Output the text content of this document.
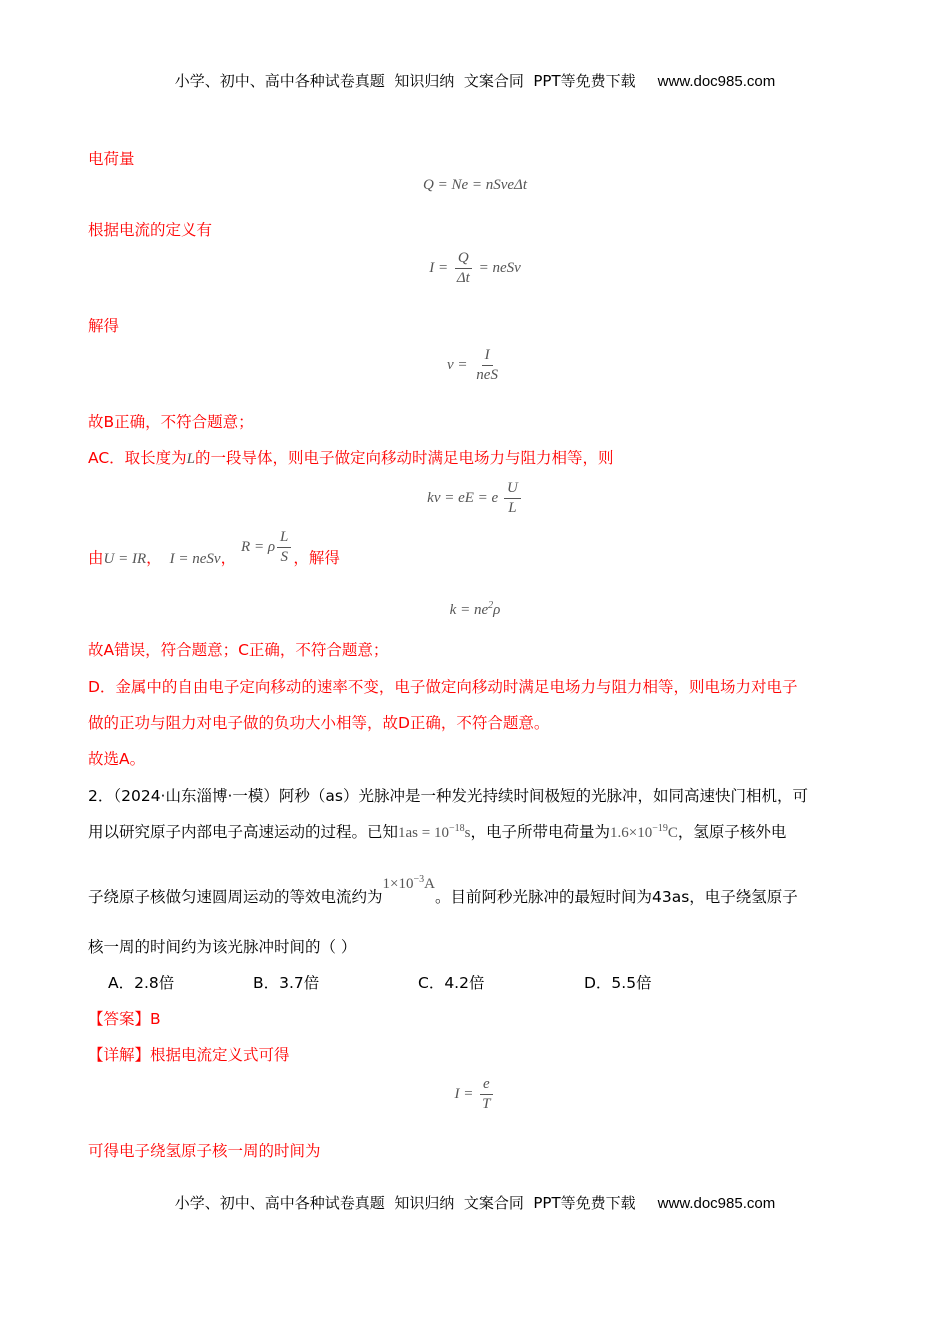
小学、初中、高中各种试卷真题  知识归纳  文案合同  PPT等免费下载 www.doc985.com
电荷量
Q = Ne = nSveΔt
根据电流的定义有
$I = \frac{Q}{\Delta t}$ = neSv
解得
$v = \frac{I}{\text{neS}}$
故B正确，不符合题意；
AC．取长度为L的一段导体，则电子做定向移动时满足电场力与阻力相等，则
kv = eE = e $\frac{U}{L}$
由U = IR， I = neSv， R = ρ $\frac{L}{S}$ ，解得
$k = ne^2\rho$
故A错误，符合题意；C正确，不符合题意；
D．金属中的自由电子定向移动的速率不变，电子做定向移动时满足电场力与阻力相等，则电场力对电子
做的正功与阻力对电子做的负功大小相等，故D正确，不符合题意。
故选A。
2．（2024·山东淄博·一模）阿秒（as）光脉冲是一种发光持续时间极短的光脉冲，如同高速快门相机，可
用以研究原子内部电子高速运动的过程。已知$1as = 10^{-18}s$，电子所带电荷量为$1.6\times 10^{-19}C$，氢原子核外电
子绕原子核做匀速圆周运动的等效电流约为$1\times 10^{-3}A$。目前阿秒光脉冲的最短时间为43as，电子绕氢原子
核一周的时间约为该光脉冲时间的（ ）
A．2.8倍	B．3.7倍	C．4.2倍	D．5.5倍
【答案】B
【详解】根据电流定义式可得
$I = \frac{e}{T}$
可得电子绕氢原子核一周的时间为
小学、初中、高中各种试卷真题  知识归纳  文案合同  PPT等免费下载 www.doc985.com
